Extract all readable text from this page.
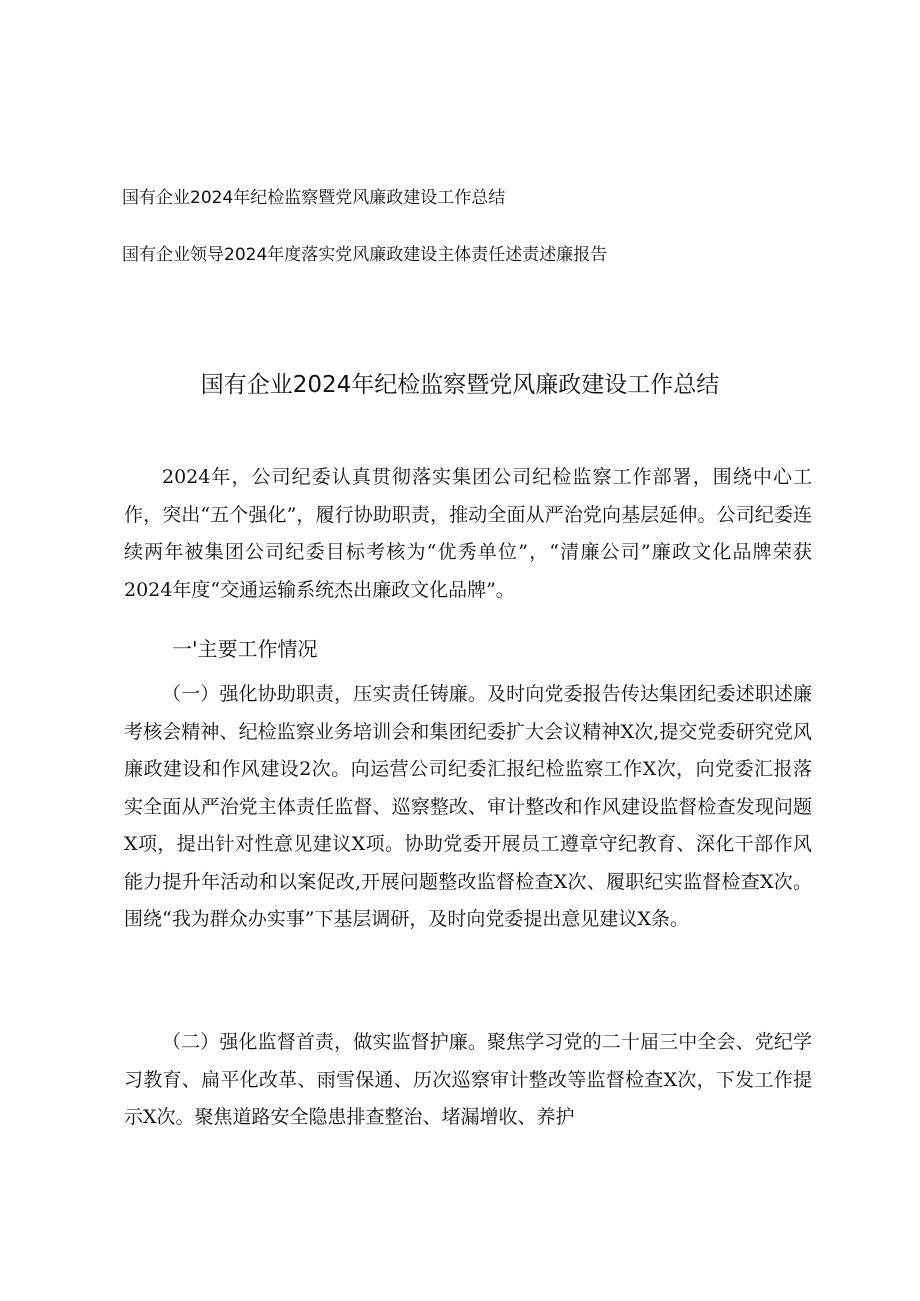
国有企业2024年纪检监察暨党风廉政建设工作总结
国有企业领导2024年度落实党风廉政建设主体责任述责述廉报告
国有企业2024年纪检监察暨党风廉政建设工作总结

2024年，公司纪委认真贯彻落实集团公司纪检监察工作部署，围绕中心工作，突出“五个强化”，履行协助职责，推动全面从严治党向基层延伸。公司纪委连续两年被集团公司纪委目标考核为“优秀单位”，“清廉公司”廉政文化品牌荣获2024年度“交通运输系统杰出廉政文化品牌”。

一'主要工作情况

（一）强化协助职责，压实责任铸廉。及时向党委报告传达集团纪委述职述廉考核会精神、纪检监察业务培训会和集团纪委扩大会议精神X次,提交党委研究党风廉政建设和作风建设2次。向运营公司纪委汇报纪检监察工作X次，向党委汇报落实全面从严治党主体责任监督、巡察整改、审计整改和作风建设监督检查发现问题X项，提出针对性意见建议X项。协助党委开展员工遵章守纪教育、深化干部作风能力提升年活动和以案促改,开展问题整改监督检查X次、履职纪实监督检查X次。围绕“我为群众办实事”下基层调研，及时向党委提出意见建议X条。

（二）强化监督首责，做实监督护廉。聚焦学习党的二十届三中全会、党纪学习教育、扁平化改革、雨雪保通、历次巡察审计整改等监督检查X次，下发工作提示X次。聚焦道路安全隐患排查整治、堵漏增收、养护
